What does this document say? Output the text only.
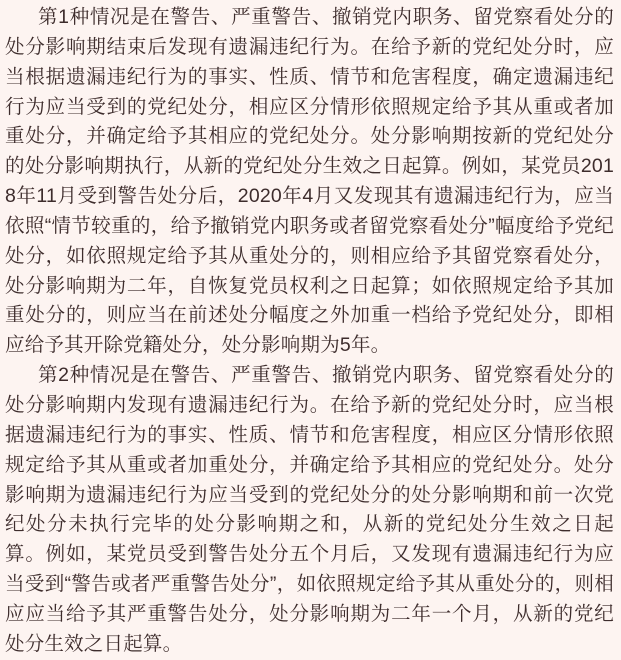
第1种情况是在警告、严重警告、撤销党内职务、留党察看处分的处分影响期结束后发现有遗漏违纪行为。在给予新的党纪处分时，应当根据遗漏违纪行为的事实、性质、情节和危害程度，确定遗漏违纪行为应当受到的党纪处分，相应区分情形依照规定给予其从重或者加重处分，并确定给予其相应的党纪处分。处分影响期按新的党纪处分的处分影响期执行，从新的党纪处分生效之日起算。例如，某党员2018年11月受到警告处分后，2020年4月又发现其有遗漏违纪行为，应当依照“情节较重的，给予撤销党内职务或者留党察看处分”幅度给予党纪处分，如依照规定给予其从重处分的，则相应给予其留党察看处分，处分影响期为二年，自恢复党员权利之日起算；如依照规定给予其加重处分的，则应当在前述处分幅度之外加重一档给予党纪处分，即相应给予其开除党籍处分，处分影响期为5年。

第2种情况是在警告、严重警告、撤销党内职务、留党察看处分的处分影响期内发现有遗漏违纪行为。在给予新的党纪处分时，应当根据遗漏违纪行为的事实、性质、情节和危害程度，相应区分情形依照规定给予其从重或者加重处分，并确定给予其相应的党纪处分。处分影响期为遗漏违纪行为应当受到的党纪处分的处分影响期和前一次党纪处分未执行完毕的处分影响期之和，从新的党纪处分生效之日起算。例如，某党员受到警告处分五个月后，又发现有遗漏违纪行为应当受到“警告或者严重警告处分”，如依照规定给予其从重处分的，则相应应当给予其严重警告处分，处分影响期为二年一个月，从新的党纪处分生效之日起算。
